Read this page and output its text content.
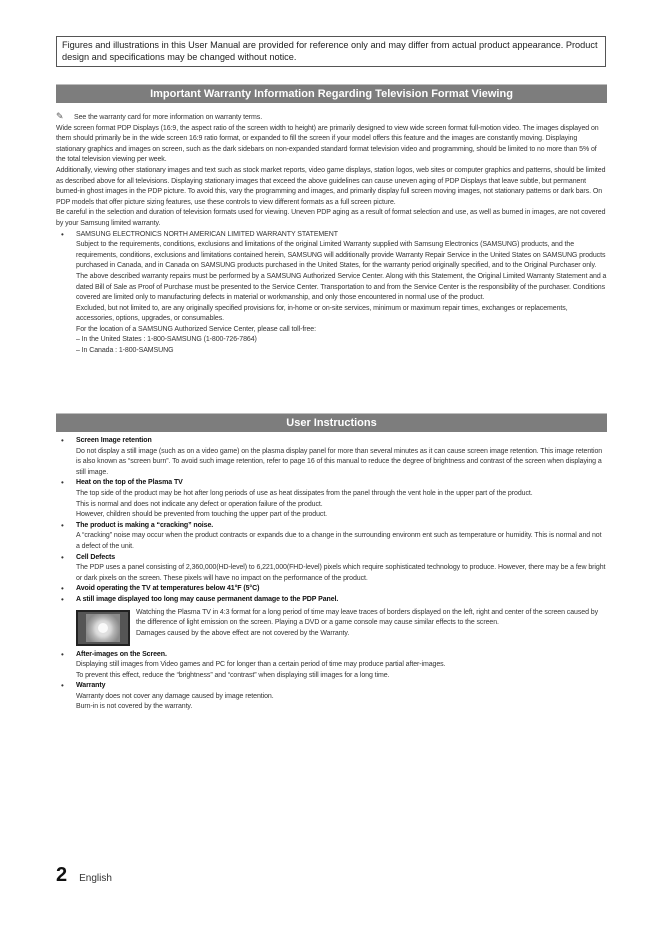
Figures and illustrations in this User Manual are provided for reference only and may differ from actual product appearance. Product design and specifications may be changed without notice.
Important Warranty Information Regarding Television Format Viewing

✎ See the warranty card for more information on warranty terms.

Wide screen format PDP Displays (16:9, the aspect ratio of the screen width to height) are primarily designed to view wide screen format full-motion video. The images displayed on them should primarily be in the wide screen 16:9 ratio format, or expanded to fill the screen if your model offers this feature and the images are constantly moving. Displaying stationary graphics and images on screen, such as the dark sidebars on non-expanded standard format television video and programming, should be limited to no more than 5% of the total television viewing per week.

Additionally, viewing other stationary images and text such as stock market reports, video game displays, station logos, web sites or computer graphics and patterns, should be limited as described above for all televisions. Displaying stationary images that exceed the above guidelines can cause uneven aging of PDP Displays that leave subtle, but permanent burned-in ghost images in the PDP picture. To avoid this, vary the programming and images, and primarily display full screen moving images, not stationary patterns or dark bars. On PDP models that offer picture sizing features, use these controls to view different formats as a full screen picture.

Be careful in the selection and duration of television formats used for viewing. Uneven PDP aging as a result of format selection and use, as well as burned in images, are not covered by your Samsung limited warranty.

• SAMSUNG ELECTRONICS NORTH AMERICAN LIMITED WARRANTY STATEMENT

Subject to the requirements, conditions, exclusions and limitations of the original Limited Warranty supplied with Samsung Electronics (SAMSUNG) products, and the requirements, conditions, exclusions and limitations contained herein, SAMSUNG will additionally provide Warranty Repair Service in the United States on SAMSUNG products purchased in Canada, and in Canada on SAMSUNG products purchased in the United States, for the warranty period originally specified, and to the Original Purchaser only.

The above described warranty repairs must be performed by a SAMSUNG Authorized Service Center. Along with this Statement, the Original Limited Warranty Statement and a dated Bill of Sale as Proof of Purchase must be presented to the Service Center. Transportation to and from the Service Center is the responsibility of the purchaser. Conditions covered are limited only to manufacturing defects in material or workmanship, and only those encountered in normal use of the product.

Excluded, but not limited to, are any originally specified provisions for, in-home or on-site services, minimum or maximum repair times, exchanges or replacements, accessories, options, upgrades, or consumables.

For the location of a SAMSUNG Authorized Service Center, please call toll-free:

– In the United States : 1-800-SAMSUNG (1-800-726-7864)

– In Canada : 1-800-SAMSUNG

User Instructions
• Screen Image retention

Do not display a still image (such as on a video game) on the plasma display panel for more than several minutes as it can cause screen image retention. This image retention is also known as “screen burn”. To avoid such image retention, refer to page 16 of this manual to reduce the degree of brightness and contrast of the screen when displaying a still image.

• Heat on the top of the Plasma TV

The top side of the product may be hot after long periods of use as heat dissipates from the panel through the vent hole in the upper part of the product.

This is normal and does not indicate any defect or operation failure of the product.

However, children should be prevented from touching the upper part of the product.

• The product is making a “cracking” noise.

A “cracking” noise may occur when the product contracts or expands due to a change in the surrounding environm ent such as temperature or humidity. This is normal and not a defect of the unit.

• Cell Defects

The PDP uses a panel consisting of 2,360,000(HD-level) to 6,221,000(FHD-level) pixels which require sophisticated technology to produce. However, there may be a few bright or dark pixels on the screen. These pixels will have no impact on the performance of the product.

• Avoid operating the TV at temperatures below 41°F (5°C)

• A still image displayed too long may cause permanent damage to the PDP Panel.

Watching the Plasma TV in 4:3 format for a long period of time may leave traces of borders displayed on the left, right and center of the screen caused by the difference of light emission on the screen. Playing a DVD or a game console may cause similar effects to the screen.

Damages caused by the above effect are not covered by the Warranty.

• After-images on the Screen.

Displaying still images from Video games and PC for longer than a certain period of time may produce partial after-images.

To prevent this effect, reduce the “brightness” and “contrast” when displaying still images for a long time.

• Warranty

Warranty does not cover any damage caused by image retention.

Burn-in is not covered by the warranty.

2 English
